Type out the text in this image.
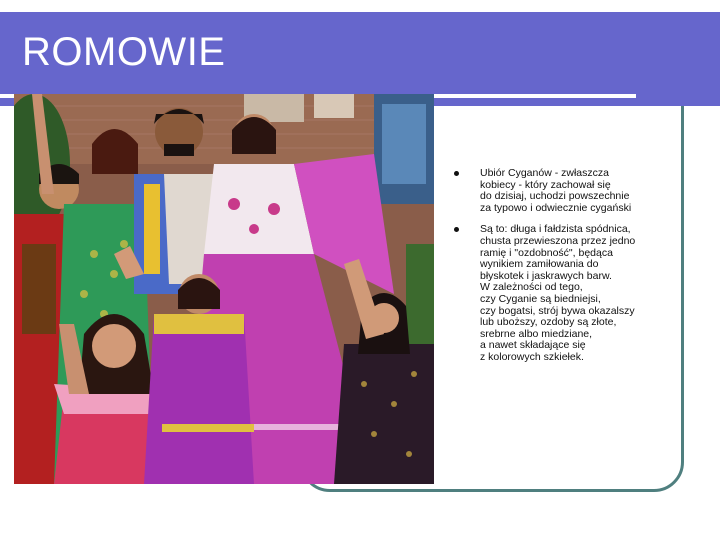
ROMOWIE
Ubiór Cyganów - zwłaszcza
kobiecy - który zachował się
do dzisiaj, uchodzi powszechnie
za typowo i odwiecznie cygański
Są to: długa i fałdzista spódnica,
chusta przewieszona przez jedno
ramię i "ozdobność", będąca
wynikiem zamiłowania do
błyskotek i jaskrawych barw.
W zależności od tego,
czy Cyganie są biedniejsi,
czy bogatsi, strój bywa okazalszy
lub uboższy, ozdoby są złote,
srebrne albo miedziane,
a nawet składające się
z kolorowych szkiełek.
